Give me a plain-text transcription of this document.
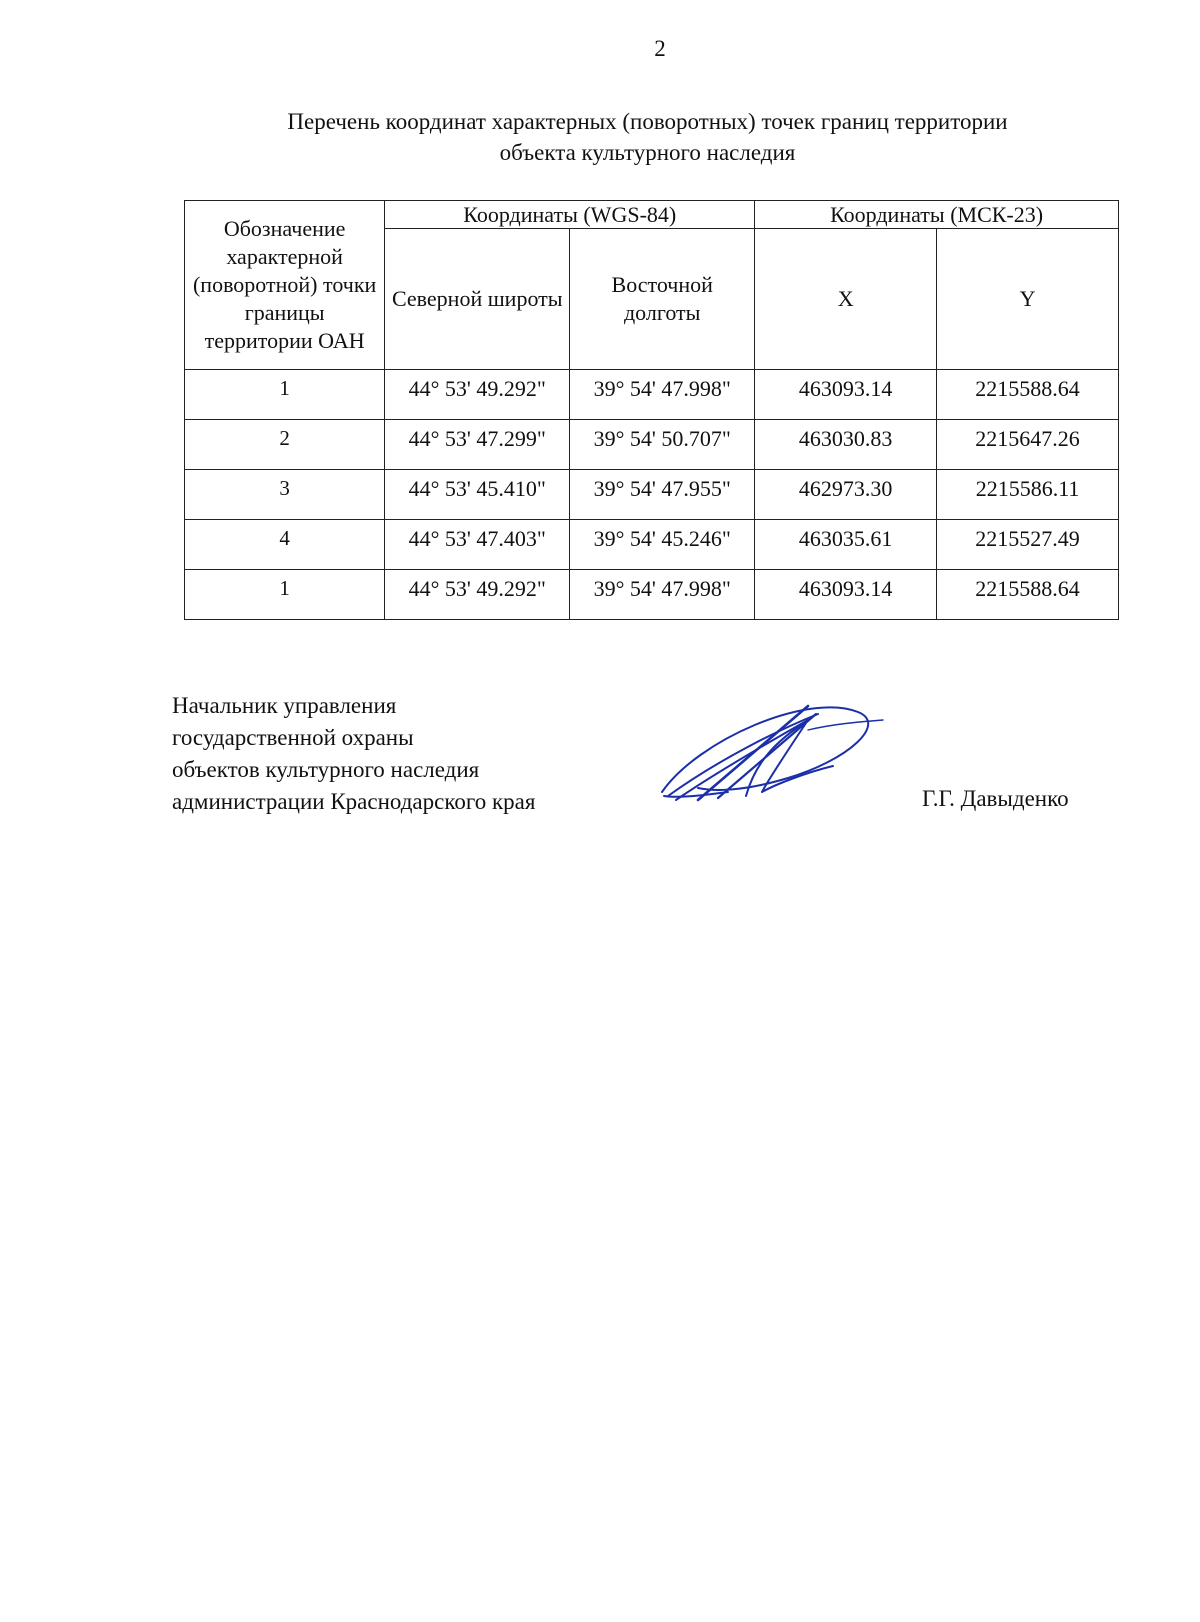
2
Перечень координат характерных (поворотных) точек границ территории
объекта культурного наследия
Обозначение характерной (поворотной) точки границы территории ОАН	Координаты (WGS-84)		Координаты (МСК-23)	
	Северной широты	Восточной долготы	X	Y
1	44° 53' 49.292"	39° 54' 47.998"	463093.14	2215588.64
2	44° 53' 47.299"	39° 54' 50.707"	463030.83	2215647.26
3	44° 53' 45.410"	39° 54' 47.955"	462973.30	2215586.11
4	44° 53' 47.403"	39° 54' 45.246"	463035.61	2215527.49
1	44° 53' 49.292"	39° 54' 47.998"	463093.14	2215588.64
Начальник управления
государственной охраны
объектов культурного наследия
администрации Краснодарского края	Г.Г. Давыденко
